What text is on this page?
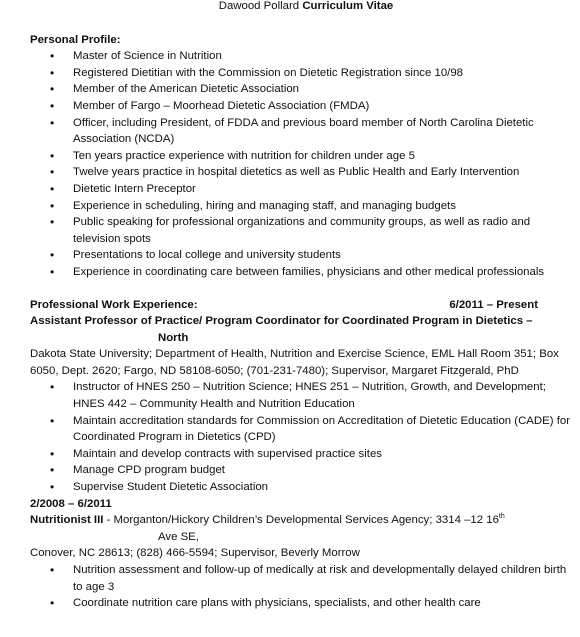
Dawood Pollard Curriculum Vitae
Personal Profile:
• Master of Science in Nutrition
• Registered Dietitian with the Commission on Dietetic Registration since 10/98
• Member of the American Dietetic Association
• Member of Fargo – Moorhead Dietetic Association (FMDA)
• Officer, including President, of FDDA and previous board member of North Carolina Dietetic Association (NCDA)
• Ten years practice experience with nutrition for children under age 5
• Twelve years practice in hospital dietetics as well as Public Health and Early Intervention
• Dietetic Intern Preceptor
• Experience in scheduling, hiring and managing staff, and managing budgets
• Public speaking for professional organizations and community groups, as well as radio and television spots
• Presentations to local college and university students
• Experience in coordinating care between families, physicians and other medical professionals
Professional Work Experience:	6/2011 – Present
Assistant Professor of Practice/ Program Coordinator for Coordinated Program in Dietetics –
North

Dakota State University; Department of Health, Nutrition and Exercise Science, EML Hall Room 351; Box 6050, Dept. 2620; Fargo, ND 58108-6050; (701-231-7480); Supervisor, Margaret Fitzgerald, PhD

• Instructor of HNES 250 – Nutrition Science; HNES 251 – Nutrition, Growth, and Development; HNES 442 – Community Health and Nutrition Education
• Maintain accreditation standards for Commission on Accreditation of Dietetic Education (CADE) for Coordinated Program in Dietetics (CPD)
• Maintain and develop contracts with supervised practice sites
• Manage CPD program budget
• Supervise Student Dietetic Association
2/2008 – 6/2011
Nutritionist III - Morganton/Hickory Children’s Developmental Services Agency; 3314 –12 16th
Ave SE,

Conover, NC 28613; (828) 466-5594; Supervisor, Beverly Morrow

• Nutrition assessment and follow-up of medically at risk and developmentally delayed children birth to age 3
• Coordinate nutrition care plans with physicians, specialists, and other health care
